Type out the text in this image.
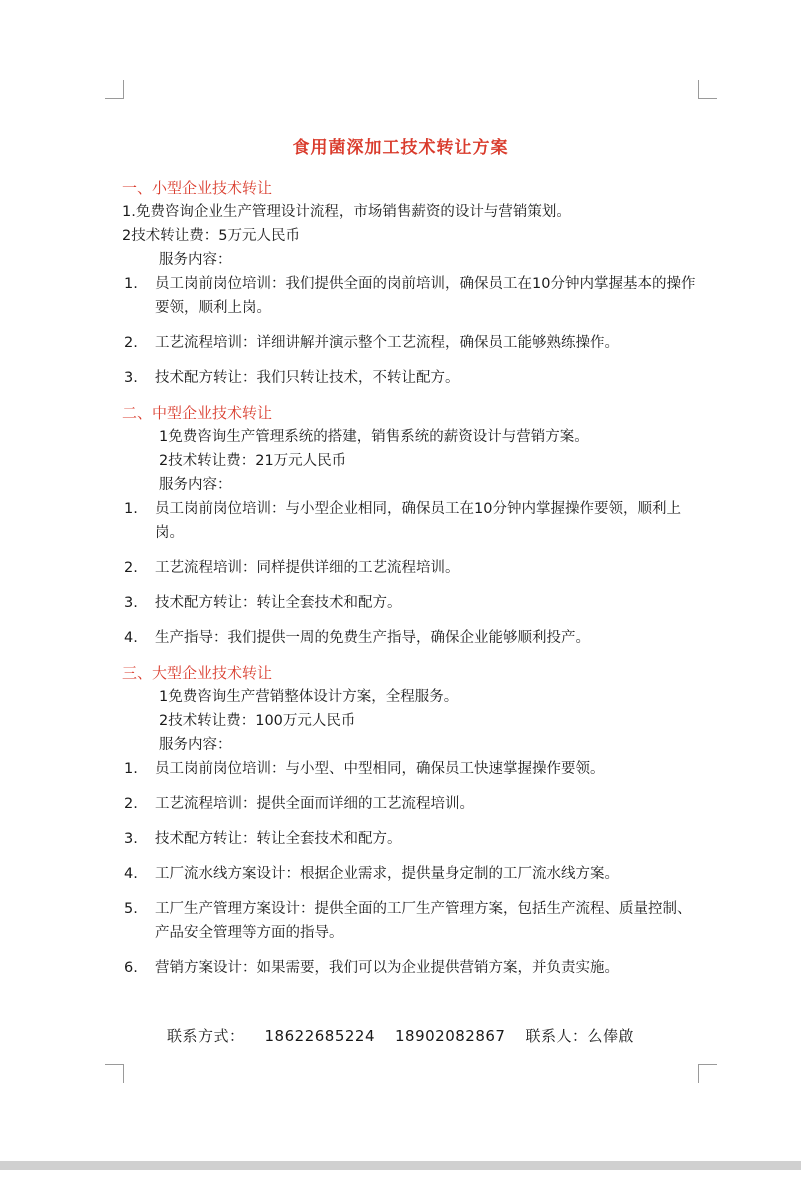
食用菌深加工技术转让方案
一、小型企业技术转让
1.免费咨询企业生产管理设计流程，市场销售薪资的设计与营销策划。
2技术转让费：5万元人民币
服务内容：
1. 员工岗前岗位培训：我们提供全面的岗前培训，确保员工在10分钟内掌握基本的操作要领，顺利上岗。
2. 工艺流程培训：详细讲解并演示整个工艺流程，确保员工能够熟练操作。
3. 技术配方转让：我们只转让技术，不转让配方。
二、中型企业技术转让
1免费咨询生产管理系统的搭建，销售系统的薪资设计与营销方案。
2技术转让费：21万元人民币
服务内容：
1. 员工岗前岗位培训：与小型企业相同，确保员工在10分钟内掌握操作要领，顺利上岗。
2. 工艺流程培训：同样提供详细的工艺流程培训。
3. 技术配方转让：转让全套技术和配方。
4. 生产指导：我们提供一周的免费生产指导，确保企业能够顺利投产。
三、大型企业技术转让
1免费咨询生产营销整体设计方案，全程服务。
2技术转让费：100万元人民币
服务内容：
1. 员工岗前岗位培训：与小型、中型相同，确保员工快速掌握操作要领。
2. 工艺流程培训：提供全面而详细的工艺流程培训。
3. 技术配方转让：转让全套技术和配方。
4. 工厂流水线方案设计：根据企业需求，提供量身定制的工厂流水线方案。
5. 工厂生产管理方案设计：提供全面的工厂生产管理方案，包括生产流程、质量控制、产品安全管理等方面的指导。
6. 营销方案设计：如果需要，我们可以为企业提供营销方案，并负责实施。
联系方式： 18622685224 18902082867 联系人：么俸啟
